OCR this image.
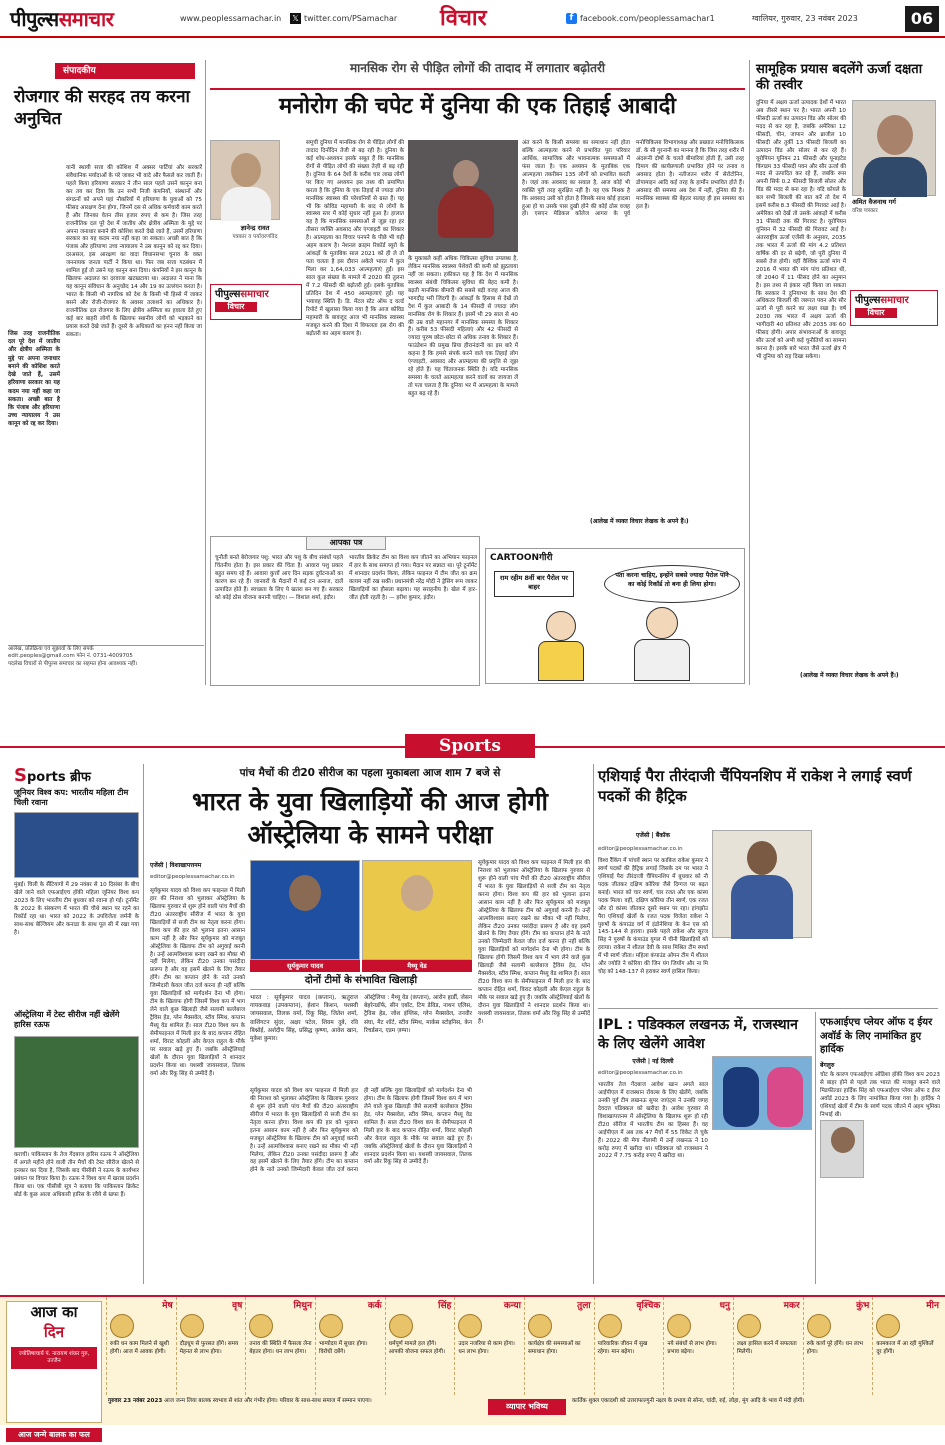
पीपुल्ससमाचार	www.peoplessamachar.in 𝕏 twitter.com/PSamachar विचार	f facebook.com/peoplessamachar1	ग्वालियर, गुरुवार, 23 नवंबर 2023	06
संपादकीय
रोजगार की सरहद तय करना अनुचित
जिस तरह राजनीतिक दल पूरे देश में जातीय और क्षेत्रीय अस्मिता के मुद्दे पर अपना जनाधार बनाने की कोशिश करते देखे जाते हैं, उसमें हरियाणा सरकार का यह कदम नया नहीं कहा जा सकता। अच्छी बात है कि पंजाब और हरियाणा उच्च न्यायालय ने उस कानून को रद्द कर दिया।
यानी स्थायी सत्ता की कोशिश में अक्सर पार्टियां और सरकारें संवैधानिक मर्यादाओं के परे जाकर भी वादे और फैसले कर जाती हैं। पहले किया हरियाणा सरकार ने तीन साल पहले उसने कानून बना कर तय कर दिया कि उन सभी निजी कंपनियों, संस्थानों और संगठनों को अपने यहां नौकरियों में हरियाणा के युवाओं को 75 फीसद आरक्षण देना होगा, जिनमें दस से अधिक कर्मचारी काम करते हैं और जिनका वेतन तीस हजार रुपए से कम है। जिस तरह राजनीतिक दल पूरे देश में जातीय और क्षेत्रीय अस्मिता के मुद्दे पर अपना जनाधार बनाने की कोशिश करते देखे जाते हैं, उसमें हरियाणा सरकार का यह कदम नया नहीं कहा जा सकता। अच्छी बात है कि पंजाब और हरियाणा उच्च न्यायालय ने उस कानून को रद्द कर दिया। दरअसल, इस आरक्षण का वादा विधानसभा चुनाव के वक्त जननायक जनता पार्टी ने किया था। फिर जब सत्ता गठबंधन में शामिल हुई तो उसने यह कानून बना दिया। कंपनियों ने इस कानून के खिलाफ अदालत का दरवाजा खटखटाया था। अदालत ने माना कि यह कानून संविधान के अनुच्छेद 14 और 19 का उल्लंघन करता है। भारत के किसी भी नागरिक को देश के किसी भी हिस्से में जाकर बसने और रोजी-रोजगार के अवसर तलाशने का अधिकार है। राजनीतिक दल रोजगार के लिए क्षेत्रीय अस्मिता का हवाला देते हुए कई बार बाहरी लोगों के खिलाफ स्थानीय लोगों को भड़काने का प्रयास करते देखे जाते हैं। दूसरे के अधिकारों का हनन नहीं किया जा सकता।
आलेख, प्रतिक्रिया एवं सुझावों के लिए संपर्क
edit.peoples@gmail.com फोन नं. 0731-4009705
पदलेख विचारों से पीपुल्स समाचार का सहमत होना आवश्यक नहीं।
मानसिक रोग से पीड़ित लोगों की तादाद में लगातार बढ़ोतरी
मनोरोग की चपेट में दुनिया की एक तिहाई आबादी
ज्ञानेन्द्र रावत
पत्रकार व पर्यावरणविद
पीपुल्ससमाचार
विचार
समूची दुनिया में मानसिक रोग से पीड़ित लोगों की तादाद दिनोंदिन तेजी से बढ़ रही है। दुनिया के कई शोध-अध्ययन इसके सबूत हैं कि मानसिक रोगों से पीड़ित लोगों की संख्या तेज़ी से बढ़ रही है। दुनिया के 64 देशों के करीब चार लाख लोगों पर किए गए अध्ययन इस तथ्य की प्रमाणित करता है कि दुनिया के एक तिहाई से ज्यादा लोग मानसिक स्वास्थ्य की परेशानियों से ग्रस्त हैं। यह भी कि कोविड महामारी के बाद से लोगों के स्वास्थ्य स्तर में कोई सुधार नहीं हुआ है। हालात यह है कि मानसिक समस्याओं से जूझ रहा हर तीसरा व्यक्ति अवसाद और एंग्जाइटी का शिकार है। आत्महत्या का विचार पनपने के पीछे भी यही अहम कारण है। नेशनल क्राइम रिकॉर्ड ब्यूरो के आंकड़ों के मुताबिक साल 2021 को ही ले तो पता चलता है इस दौरान अकेले भारत में कुल मिला कर 1,64,033 आत्महत्याएं हुईं। इस साल कुल संख्या के मामले में 2020 की तुलना में 7.2 फीसदी की बढ़ोतरी हुई। इसके मुताबिक प्रतिदिन देश में 450 आत्महत्याएं हुईं। यह भयावह स्थिति है। डि. मेंटल स्टेट ऑफ द वर्ल्ड रिपोर्ट में खुलासा किया गया है कि आज कोविड महामारी के बावजूद आज भी मानसिक स्वास्थ्य मजबूत करने की दिशा में विफलता इस रोग की बढ़ोतरी का अहम कारण है।
के मुकाबले कहीं अधिक चिकित्सा सुविधा उपलब्ध है, लेकिन मानसिक स्वास्थ्य पेशेवरों की कमी को झुठलाया नहीं जा सकता। हकीकत यह है कि देश में मानसिक स्वास्थ्य संबंधी चिकित्सा सुविधा की बेहद कमी है। बढ़ती मानसिक बीमारी की सबसे बड़ी वजह आज की भागदौड़ भरी जिंदगी है। आंकड़ों के हिसाब से देखें तो देश में कुल आबादी के 14 फीसदी से ज्यादा लोग मानसिक रोग के शिकार हैं। इसमें भी 29 साल से 40 की उम्र वाले महानगर में मानसिक समस्या के शिकार हैं। करीब 53 फीसदी महिलाएं और 42 फीसदी से ज्यादा पुरुष छोटा-छोटा से अधिक तनाव के शिकार हैं। फाउंडेशन की प्रमुख प्रिया हीरानंदानी का इस बारे में कहना है कि हमसे संपर्क करने वाले एक तिहाई लोग एंग्जाइटी, अवसाद और आत्महत्या की प्रवृत्ति से जूझ रहे होते हैं। यह चिंताजनक स्थिति है। यदि मानसिक समस्या के चलते आत्महत्या करने वालों का जायजा लें तो पता चलता है कि दुनिया भर में आत्महत्या के मामले बहुत बढ़ रहे हैं।
अंत करने के किसी समस्या का समाधान नहीं होता बल्कि आत्महत्या करने से प्रभावित पूरा परिवार आर्थिक, सामाजिक और भावनात्मक समस्याओं में फंस जाता है। एक अध्ययन के मुताबिक एक आत्महत्या तकरीबन 135 लोगों को प्रभावित करती है। जहां तक अवसाद का सवाल है, आज कोई भी व्यक्ति पूरी तरह सुरक्षित नहीं है। यह एक मिथक है कि अवसाद उसी को होता है जिसके साथ कोई हादसा हुआ हो या उसके पास दुखी होने की कोई ठोस वजह हो। एसएन मेडिकल कॉलेज आगरा के पूर्व मनोचिकित्सा विभागाध्यक्ष और प्रख्यात मनोचिकित्सक डॉ. के सी गुरनानी का मानना है कि जिस तरह शरीर में अंदरूनी दोषों के चलते बीमारियां होती हैं, उसी तरह दिमाग की कार्यप्रणाली प्रभावित होने पर तनाव व अवसाद होता है। नतीजतन शरीर में सेरोटोनिन, डोपामाइन आदि कई तरह के हार्मोन प्रभावित होते हैं। अवसाद की समस्या अब देश में नहीं, दुनिया की है। मानसिक स्वास्थ्य की बेहतर सलाह ही इस समस्या का हल है।
(आलेख में व्यक्त विचार लेखक के अपने हैं।)
आपका पत्र
चुनौती बनते बेरोजगार पशु: भारत और पशु के बीच संबंधों पहले चिंतनीय होता है। इस प्रकार की चिंता है। आवारा पशु प्रकार बहुत समय रहे हैं। आवारा कुत्तों आए दिन सड़क दुर्घटनाओं का कारण बन रहे हैं। जानवरों के मैदानों में कई टन अनाज, दालें उत्पादित होते हैं। स्वच्छता के लिए ये खतरा बन गए हैं। सरकार को कोई ठोस योजना बनानी चाहिए। — विशाल शर्मा, इंदौर।
भारतीय क्रिकेट टीम का विश्व कप जीतने का अभियान फाइनल में हार के साथ समाप्त हो गया। मैदान पर सन्नाटा था। पूरे टूर्नामेंट में शानदार प्रदर्शन किया, लेकिन फाइनल में टीम जीत का क्रम कायम नहीं रख सकी। प्रधानमंत्री नरेंद्र मोदी ने ड्रेसिंग रूम जाकर खिलाड़ियों का हौसला बढ़ाया। यह सराहनीय है। खेल में हार-जीत होती रहती है। — हरीश कुमार, इंदौर।
CARTOONगीरी
राम रहीम 8वीं बार पैरोल पर बाहर
पता करना चाहिए, इन्होंने सबसे ज्यादा पैरोल पाने का कोई रिकॉर्ड तो बना ही लिया होगा।
सामूहिक प्रयास बदलेंगे ऊर्जा दक्षता की तस्वीर
दुनिया में अक्षय ऊर्जा उत्पादक देशों में भारत अब तीसरे स्थान पर है। भारत अपनी 10 फीसदी ऊर्जा का उत्पादन विंड और सोलर की मदद से कर रहा है, जबकि अमेरिका 12 फीसदी, चीन, जापान और ब्राजील 10 फीसदी और तुर्की 13 फीसदी बिजली का उत्पादन विंड और सोलर से कर रहे हैं। यूरोपियन यूनियन 21 फीसदी और यूनाइटेड किंगडम 33 फीसदी पवन और सौर ऊर्जा की मदद से उत्पादित कर रहे हैं, जबकि रूस अपनी सिर्फ 0.2 फीसदी बिजली सोलर और विंड की मदद से बना रहा है। यदि कोयले के बल सभी बिजली की बात करें तो देश में इसमें करीब 8.3 फीसदी की गिरावट आई है। अमेरिका को देखें तो उसके आंकड़ों में करीब 31 फीसदी तक की गिरावट है। यूरोपियन यूनियन में 32 फीसदी की गिरावट आई है। अंतरराष्ट्रीय ऊर्जा एजेंसी के अनुसार, 2035 तक भारत में ऊर्जा की मांग 4.2 प्रतिशत वार्षिक की दर से बढ़ेगी, जो पूरी दुनिया में सबसे तेज होगी। वहीं वैश्विक ऊर्जा मांग में 2016 में भारत की मांग पांच प्रतिशत थी, जो 2040 में 11 फीसद होने का अनुमान है। इस तथ्य से इंकार नहीं किया जा सकता कि सरकार ने दुनियाभर के साथ देश की अधिकतर बिजली की जरूरत पवन और सौर ऊर्जा से पूरी करने का लक्ष्य रखा है। वर्ष 2030 तक भारत में अक्षय ऊर्जा की भागीदारी 40 प्रतिशत और 2035 तक 60 फीसद होगी। अपार संभावनाओं के बावजूद सौर ऊर्जा को अभी कई चुनौतियों का सामना करना है। इसके बारे भारत जैसे ऊर्जा क्षेत्र में भी दुनिया को राह दिखा सकेगा।
अमित वैजनाथ गर्ग
वरिष्ठ पत्रकार
पीपुल्ससमाचार
विचार
(आलेख में व्यक्त विचार लेखक के अपने हैं।)
Sports
Sports ब्रीफ
जूनियर विश्व कप: भारतीय महिला टीम चिली रवाना
मुंबई। चिली के सैंटियागो में 29 नवंबर से 10 दिसंबर के बीच खेले जाने वाले एफआईएच हॉकी महिला जूनियर विश्व कप 2023 के लिए भारतीय टीम बुधवार को रवाना हो गई। टूर्नामेंट के 2022 के संस्करण में भारत की चौथे स्थान पर रहने का रिकॉर्ड रहा था। भारत को 2022 के उपविजेता जर्मनी के साथ-साथ बेल्जियम और कनाडा के साथ पूल सी में रखा गया है।
ऑस्ट्रेलिया में टेस्ट सीरीज नहीं खेलेंगे हारिस रऊफ
कराची। पाकिस्तान के तेज गेंदबाज हारिस रऊफ ने ऑस्ट्रेलिया में अगले महीने होने वाली तीन मैचों की टेस्ट सीरीज खेलने से इनकार कर दिया है, जिसके बाद पीसीबी ने रऊफ के कार्यभार प्रबंधन पर विचार किया है। रऊफ ने विश्व कप में खराब प्रदर्शन किया था। एक पीसीबी सूत्र ने बताया कि पाकिस्तान क्रिकेट बोर्ड के कुछ आला अधिकारी हारिस के रवैये से खफा हैं।
पांच मैचों की टी20 सीरीज का पहला मुकाबला आज शाम 7 बजे से
भारत के युवा खिलाड़ियों की आज होगी ऑस्ट्रेलिया के सामने परीक्षा
एजेंसी | विशाखापत्तनम
editor@peoplessamachar.co.in
सूर्यकुमार यादव	मैथ्यू वेड
दोनों टीमों के संभावित खिलाड़ी
भारत : सूर्यकुमार यादव (कप्तान), ऋतुराज गायकवाड़ (उपकप्तान), ईशान किशन, यशस्वी जायसवाल, तिलक वर्मा, रिंकू सिंह, जितेश शर्मा, वाशिंगटन सुंदर, अक्षर पटेल, शिवम दुबे, रवि बिश्नोई, अर्शदीप सिंह, प्रसिद्ध कृष्णा, आवेश खान, मुकेश कुमार।
ऑस्ट्रेलिया : मैथ्यू वेड (कप्तान), आरोन हार्डी, जेसन बेहरेनडॉर्फ, सीन एबॉट, टिम डेविड, नाथन एलिस, ट्रैविस हेड, जोश इंग्लिस, ग्लेन मैक्सवेल, तनवीर संघा, मैट शॉर्ट, स्टीव स्मिथ, मार्कस स्टोइनिस, केन रिचर्डसन, एडम ज़म्पा।
सूर्यकुमार यादव को विश्व कप फाइनल में मिली हार की निराशा को भुलाकर ऑस्ट्रेलिया के खिलाफ गुरुवार से शुरू होने वाली पांच मैचों की टी20 अंतरराष्ट्रीय सीरीज में भारत के युवा खिलाड़ियों से सजी टीम का नेतृत्व करना होगा। विश्व कप की हार को भुलाना इतना आसान काम नहीं है और फिर सूर्यकुमार को मजबूत ऑस्ट्रेलिया के खिलाफ टीम को अगुवाई करनी है। उन्हें आत्मविश्वास बनाए रखने का मौका भी नहीं मिलेगा, लेकिन टी20 उनका पसंदीदा प्रारूप है और वह इसमें खेलने के लिए तैयार होंगे। टीम का कप्तान होने के नाते उनको जिम्मेदारी केवल जीत दर्ज करना ही नहीं बल्कि युवा खिलाड़ियों को मार्गदर्शन देना भी होगा। टीम के खिलाफ होगी जिसमें विश्व कप में भाग लेने वाले कुछ खिलाड़ी जैसे सलामी बल्लेबाज ट्रैविस हेड, ग्लेन मैक्सवेल, स्टीव स्मिथ, कप्तान मैथ्यू वेड शामिल हैं। साल टी20 विश्व कप के सेमीफाइनल में मिली हार के बाद कप्तान रोहित शर्मा, विराट कोहली और केएल राहुल के मौके पर सवाल खड़े हुए हैं। जबकि ऑस्ट्रेलियाई खेलों के दौरान युवा खिलाड़ियों ने शानदार प्रदर्शन किया था। यशस्वी जायसवाल, तिलक वर्मा और रिंकू सिंह से उम्मीदें हैं।
सूर्यकुमार यादव को विश्व कप फाइनल में मिली हार की निराशा को भुलाकर ऑस्ट्रेलिया के खिलाफ गुरुवार से शुरू होने वाली पांच मैचों की टी20 अंतरराष्ट्रीय सीरीज में भारत के युवा खिलाड़ियों से सजी टीम का नेतृत्व करना होगा। विश्व कप की हार को भुलाना इतना आसान काम नहीं है और फिर सूर्यकुमार को मजबूत ऑस्ट्रेलिया के खिलाफ टीम को अगुवाई करनी है। उन्हें आत्मविश्वास बनाए रखने का मौका भी नहीं मिलेगा, लेकिन टी20 उनका पसंदीदा प्रारूप है और वह इसमें खेलने के लिए तैयार होंगे। टीम का कप्तान होने के नाते उनको जिम्मेदारी केवल जीत दर्ज करना ही नहीं बल्कि युवा खिलाड़ियों को मार्गदर्शन देना भी होगा। टीम के खिलाफ होगी जिसमें विश्व कप में भाग लेने वाले कुछ खिलाड़ी जैसे सलामी बल्लेबाज ट्रैविस हेड, ग्लेन मैक्सवेल, स्टीव स्मिथ, कप्तान मैथ्यू वेड शामिल हैं। साल टी20 विश्व कप के सेमीफाइनल में मिली हार के बाद कप्तान रोहित शर्मा, विराट कोहली और केएल राहुल के मौके पर सवाल खड़े हुए हैं। जबकि ऑस्ट्रेलियाई खेलों के दौरान युवा खिलाड़ियों ने शानदार प्रदर्शन किया था। यशस्वी जायसवाल, तिलक वर्मा और रिंकू सिंह से उम्मीदें हैं।
सूर्यकुमार यादव को विश्व कप फाइनल में मिली हार की निराशा को भुलाकर ऑस्ट्रेलिया के खिलाफ गुरुवार से शुरू होने वाली पांच मैचों की टी20 अंतरराष्ट्रीय सीरीज में भारत के युवा खिलाड़ियों से सजी टीम का नेतृत्व करना होगा। विश्व कप की हार को भुलाना इतना आसान काम नहीं है और फिर सूर्यकुमार को मजबूत ऑस्ट्रेलिया के खिलाफ टीम को अगुवाई करनी है। उन्हें आत्मविश्वास बनाए रखने का मौका भी नहीं मिलेगा, लेकिन टी20 उनका पसंदीदा प्रारूप है और वह इसमें खेलने के लिए तैयार होंगे। टीम का कप्तान होने के नाते उनको जिम्मेदारी केवल जीत दर्ज करना ही नहीं बल्कि युवा खिलाड़ियों को मार्गदर्शन देना भी होगा। टीम के खिलाफ होगी जिसमें विश्व कप में भाग लेने वाले कुछ खिलाड़ी जैसे सलामी बल्लेबाज ट्रैविस हेड, ग्लेन मैक्सवेल, स्टीव स्मिथ, कप्तान मैथ्यू वेड शामिल हैं। साल टी20 विश्व कप के सेमीफाइनल में मिली हार के बाद कप्तान रोहित शर्मा, विराट कोहली और केएल राहुल के मौके पर सवाल खड़े हुए हैं। जबकि ऑस्ट्रेलियाई खेलों के दौरान युवा खिलाड़ियों ने शानदार प्रदर्शन किया था। यशस्वी जायसवाल, तिलक वर्मा और रिंकू सिंह से उम्मीदें हैं।
एशियाई पैरा तीरंदाजी चैंपियनशिप में राकेश ने लगाई स्वर्ण पदकों की हैट्रिक
एजेंसी | बैंकॉक
editor@peoplessamachar.co.in
विश्व रैंकिंग में पांचवें स्थान पर काबिज राकेश कुमार ने स्वर्ण पदकों की हैट्रिक लगाई जिसके दम पर भारत ने एशियाई पैरा तीरंदाजी चैंपियनशिप में बुधवार को नौ पदक जीतकर दक्षिण कोरिया जैसे दिग्गज पर बढ़त बनाई। भारत को चार स्वर्ण, चार रजत और एक कांस्य पदक मिला। वहीं, दक्षिण कोरिया तीन स्वर्ण, एक रजत और दो कांस्य जीतकर दूसरे स्थान पर रहा। हांगझोउ पैरा एशियाई खेलों के रजत पदक विजेता राकेश ने पुरुषों के कंपाउंड वर्ग में इंडोनेशिया के केन एस को 145-144 से हराया। इसके पहले राकेश और सूरज सिंह ने पुरुषों के कंपाउंड युगल में चीनी खिलाड़ियों को हराया। राकेश ने शीतल देवी के साथ मिश्रित टीम स्पर्धा में भी स्वर्ण जीता। महिला कंपाउंड ओपन टीम में शीतल और ज्योति ने कोरिया की जिन यंग जियोंग और ना मि चोइ को 148-137 से हराकर स्वर्ण हासिल किया।
IPL : पडिक्कल लखनऊ में, राजस्थान के लिए खेलेंगे आवेश
एजेंसी | नई दिल्ली
editor@peoplessamachar.co.in
भारतीय तेज गेंदबाज आवेश खान अगले साल आईपीएल में राजस्थान रॉयल्स के लिए खेलेंगे, जबकि उनकी पूर्व टीम लखनऊ सुपर जाएंट्स ने उनकी जगह देवदत्त पडिक्कल को खरीदा है। आवेश गुरुवार से विशाखापत्तनम में ऑस्ट्रेलिया के खिलाफ शुरू हो रही टी20 सीरीज में भारतीय टीम का हिस्सा हैं। वह आईपीएल में अब तक 47 मैचों में 55 विकेट ले चुके हैं। 2022 की मेगा नीलामी में उन्हें लखनऊ ने 10 करोड़ रुपए में खरीदा था। पडिक्कल को राजस्थान ने 2022 में 7.75 करोड़ रुपए में खरीदा था।
एफआईएच प्लेयर ऑफ द ईयर अवॉर्ड के लिए नामांकित हुए हार्दिक
बेंगलुरु
चोट के कारण एफआईएच ओडिशा हॉकी विश्व कप 2023 से बाहर होने से पहले तक भारत की मजबूत बनने वाले मिडफील्डर हार्दिक सिंह को एफआईएच प्लेयर ऑफ द ईयर अवॉर्ड 2023 के लिए नामांकित किया गया है। हार्दिक ने एशियाई खेलों में टीम के स्वर्ण पदक जीतने में अहम भूमिका निभाई थी।
आज का
दिन
ज्योतिषाचार्य पं. नारायण शंकर गुरु, उज्जैन
मेष
रुकी धन काम मिलने से खुशी होगी। आज में आवक होगी।
वृष
दौड़धूप से फुरसत होंगे। समय मेहनत से लाभ होगा।
मिथुन
तनाव की स्थिति में फैसला लेना बेहतर होगा। धन लाभ होगा।
कर्क
भाग्योदय में सुधार होगा। विरोधी दबेंगे।
सिंह
धर्मपूर्ण मामले हल होंगे। आपकी योजना सफल होगी।
कन्या
उदार नजरिया से काम होगा। धन लाभ होगा।
तुला
कार्यक्षेत्र की समस्याओं का समाधान होगा।
वृश्चिक
पारिवारिक जीवन में सुख रहेगा। मान बढ़ेगा।
धनु
नये संबंधों से लाभ होगा। प्रभाव बढ़ेगा।
मकर
लक्ष्य हासिल करने में सफलता मिलेगी।
कुंभ
रुके कार्य पूरे होंगे। धन लाभ होगा।
मीन
कामकाज में आ रही मुश्किलें दूर होंगी।
गुरुवार 23 नवंबर 2023 आज जन्म लिया बालक स्वभाव से शांत और गंभीर होगा। परिवार के साथ-साथ समाज में सम्मान पाएगा।
व्यापार भविष्य
कार्तिक शुक्ल एकादशी को उत्तराफाल्गुनी नक्षत्र के प्रभाव से सोना, चांदी, रुई, लोहा, मूंग आदि के भाव में मंदी होगी।
आज जन्मे बालक का फल
